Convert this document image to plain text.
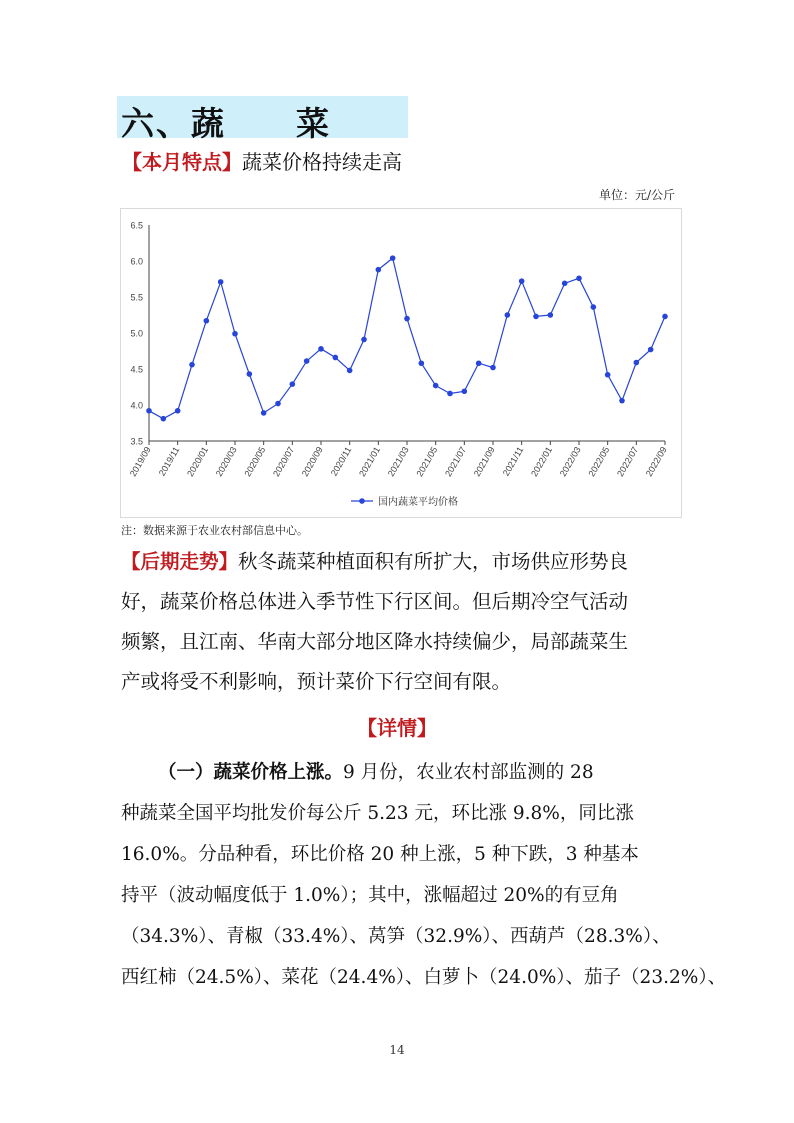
六、蔬　　菜
【本月特点】蔬菜价格持续走高
单位：元/公斤
3.5
4.0
4.5
5.0
5.5
6.0
6.5
2019/09 2019/11 2020/01 2020/03 2020/05 2020/07 2020/09 2020/11 2021/01 2021/03 2021/05 2021/07 2021/09 2021/11 2022/01 2022/03 2022/05 2022/07 2022/09
国内蔬菜平均价格
注：数据来源于农业农村部信息中心。
【后期走势】秋冬蔬菜种植面积有所扩大，市场供应形势良
好，蔬菜价格总体进入季节性下行区间。但后期冷空气活动
频繁，且江南、华南大部分地区降水持续偏少，局部蔬菜生
产或将受不利影响，预计菜价下行空间有限。
【详情】
  （一）蔬菜价格上涨。9 月份，农业农村部监测的 28
种蔬菜全国平均批发价每公斤 5.23 元，环比涨 9.8%，同比涨
16.0%。分品种看，环比价格 20 种上涨，5 种下跌，3 种基本
持平（波动幅度低于 1.0%）；其中，涨幅超过 20%的有豆角
（34.3%）、青椒（33.4%）、莴笋（32.9%）、西葫芦（28.3%）、
西红柿（24.5%）、菜花（24.4%）、白萝卜（24.0%）、茄子（23.2%）、
14
